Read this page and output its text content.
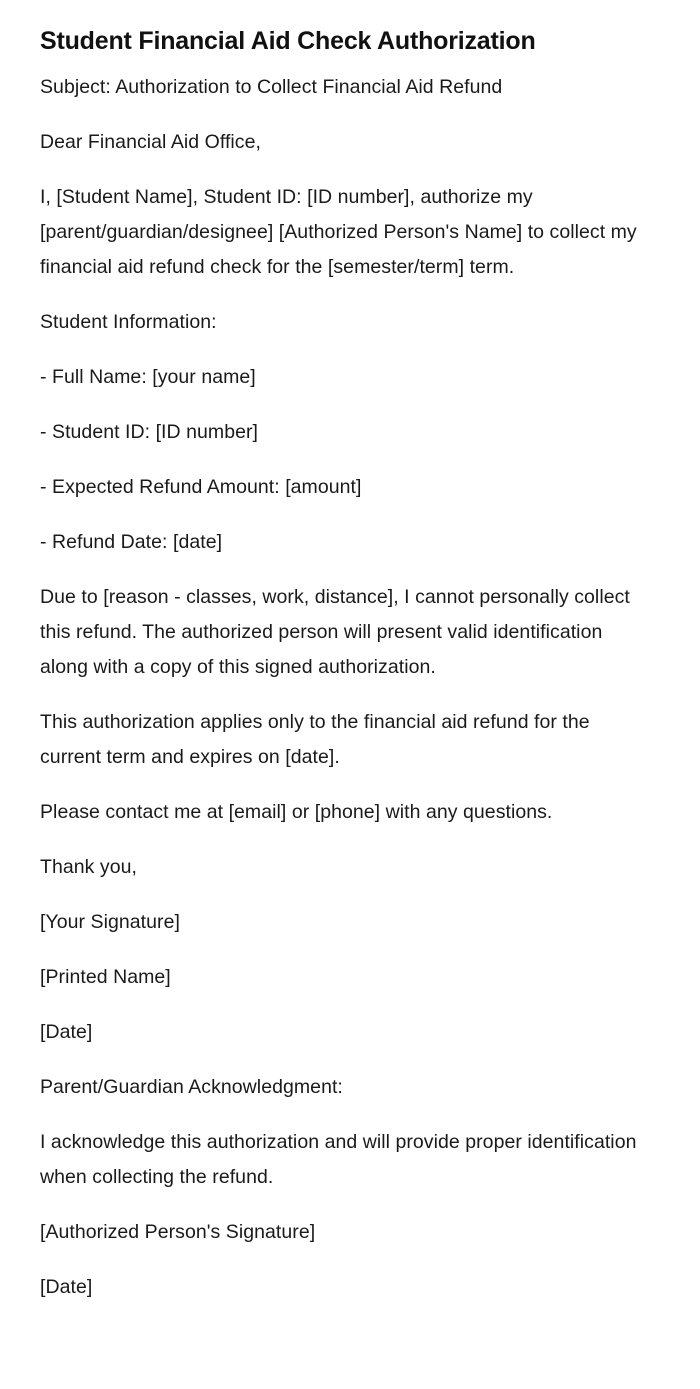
Student Financial Aid Check Authorization

Subject: Authorization to Collect Financial Aid Refund

Dear Financial Aid Office,

I, [Student Name], Student ID: [ID number], authorize my [parent/guardian/designee] [Authorized Person's Name] to collect my financial aid refund check for the [semester/term] term.

Student Information:

- Full Name: [your name]

- Student ID: [ID number]

- Expected Refund Amount: [amount]

- Refund Date: [date]

Due to [reason - classes, work, distance], I cannot personally collect this refund. The authorized person will present valid identification along with a copy of this signed authorization.

This authorization applies only to the financial aid refund for the current term and expires on [date].

Please contact me at [email] or [phone] with any questions.

Thank you,

[Your Signature]

[Printed Name]

[Date]

Parent/Guardian Acknowledgment:

I acknowledge this authorization and will provide proper identification when collecting the refund.

[Authorized Person's Signature]

[Date]
